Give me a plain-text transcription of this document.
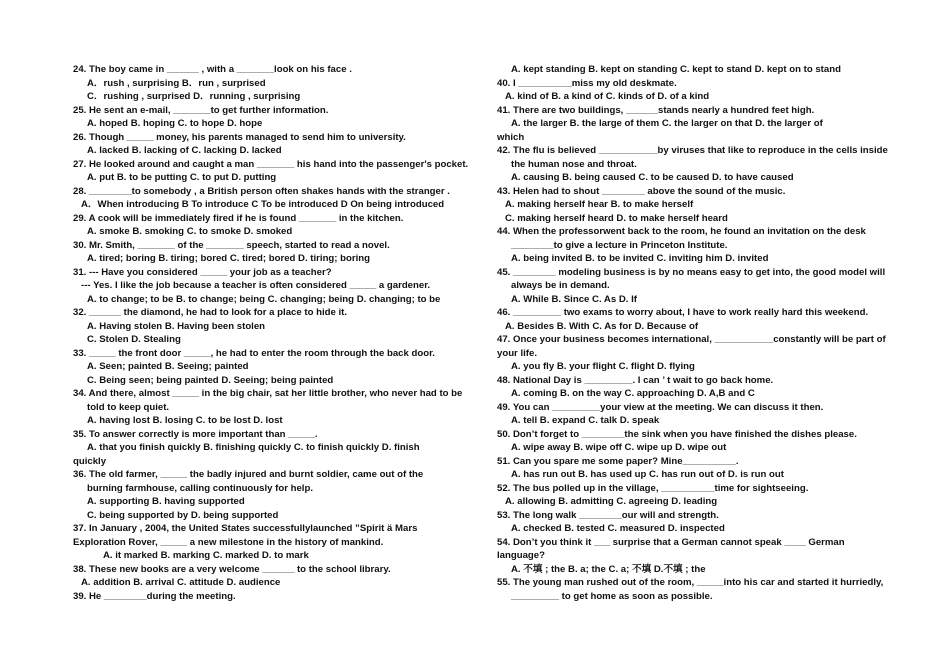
24. The boy came in ______ , with a _______look on his face .
A．rush , surprising B．run , surprised
C．rushing , surprised D．running , surprising
25. He sent an e-mail, _______to get further information.
A. hoped B. hoping C. to hope D. hope
26. Though _____ money, his parents managed to send him to university.
A. lacked B. lacking of C. lacking D. lacked
27. He looked around and caught a man _______ his hand into the passenger's pocket.
A. put B. to be putting C. to put D. putting
28. ________to somebody , a British person often shakes hands with the stranger .
A．When introducing B To introduce C To be introduced D On being introduced
29. A cook will be immediately fired if he is found _______ in the kitchen.
A. smoke B. smoking C. to smoke D. smoked
30. Mr. Smith, _______ of the _______ speech, started to read a novel.
A. tired; boring B. tiring; bored C. tired; bored D. tiring; boring
31. --- Have you considered _____ your job as a teacher?
--- Yes. I like the job because a teacher is often considered _____ a gardener.
A. to change; to be B. to change; being C. changing; being D. changing; to be
32. ______ the diamond, he had to look for a place to hide it.
A. Having stolen B. Having been stolen
C. Stolen D. Stealing
33. _____ the front door _____, he had to enter the room through the back door.
A. Seen; painted B. Seeing; painted
C. Being seen; being painted D. Seeing; being painted
34. And there, almost _____ in the big chair, sat her little brother, who never had to be
told to keep quiet.
A. having lost B. losing C. to be lost D. lost
35. To answer correctly is more important than _____.
A. that you finish quickly B. finishing quickly C. to finish quickly D. finish
quickly
36. The old farmer, _____ the badly injured and burnt soldier, came out of the
burning farmhouse, calling continuously for help.
A. supporting B. having supported
C. being supported by D. being supported
37. In January , 2004, the United States successfullylaunched ”Spirit ä Mars
Exploration Rover, _____ a new milestone in the history of mankind.
A. it marked B. marking C. marked D. to mark
38. These new books are a very welcome ______ to the school library.
A. addition B. arrival C. attitude D. audience
39. He ________during the meeting.
A. kept standing B. kept on standing C. kept to stand D. kept on to stand
40. I __________miss my old deskmate.
A. kind of B. a kind of C. kinds of D. of a kind
41. There are two buildings, ______stands nearly a hundred feet high.
A. the larger B. the large of them C. the larger on that D. the larger of
which
42. The flu is believed ___________by viruses that like to reproduce in the cells inside
the human nose and throat.
A. causing B. being caused C. to be caused D. to have caused
43. Helen had to shout ________ above the sound of the music.
A. making herself hear B. to make herself
C. making herself heard D. to make herself heard
44. When the professorwent back to the room, he found an invitation on the desk
________to give a lecture in Princeton Institute.
A. being invited B. to be invited C. inviting him D. invited
45. ________ modeling business is by no means easy to get into, the good model will
always be in demand.
A. While B. Since C. As D. If
46. _________ two exams to worry about, I have to work really hard this weekend.
A. Besides B. With C. As for D. Because of
47. Once your business becomes international, ___________constantly will be part of
your life.
A. you fly B. your flight C. flight D. flying
48. National Day is _________. I can ’ t wait to go back home.
A. coming B. on the way C. approaching D. A,B and C
49. You can _________your view at the meeting. We can discuss it then.
A. tell B. expand C. talk D. speak
50. Don’t forget to ________the sink when you have finished the dishes please.
A. wipe away B. wipe off C. wipe up D. wipe out
51. Can you spare me some paper? Mine__________.
A. has run out B. has used up C. has run out of D. is run out
52. The bus polled up in the village, __________time for sightseeing.
A. allowing B. admitting C. agreeing D. leading
53. The long walk ________our will and strength.
A. checked B. tested C. measured D. inspected
54. Don’t you think it ___ surprise that a German cannot speak ____ German
language?
A. 不填 ; the B. a; the C. a; 不填 D.不填 ; the
55. The young man rushed out of the room, _____into his car and started it hurriedly,
_________ to get home as soon as possible.
